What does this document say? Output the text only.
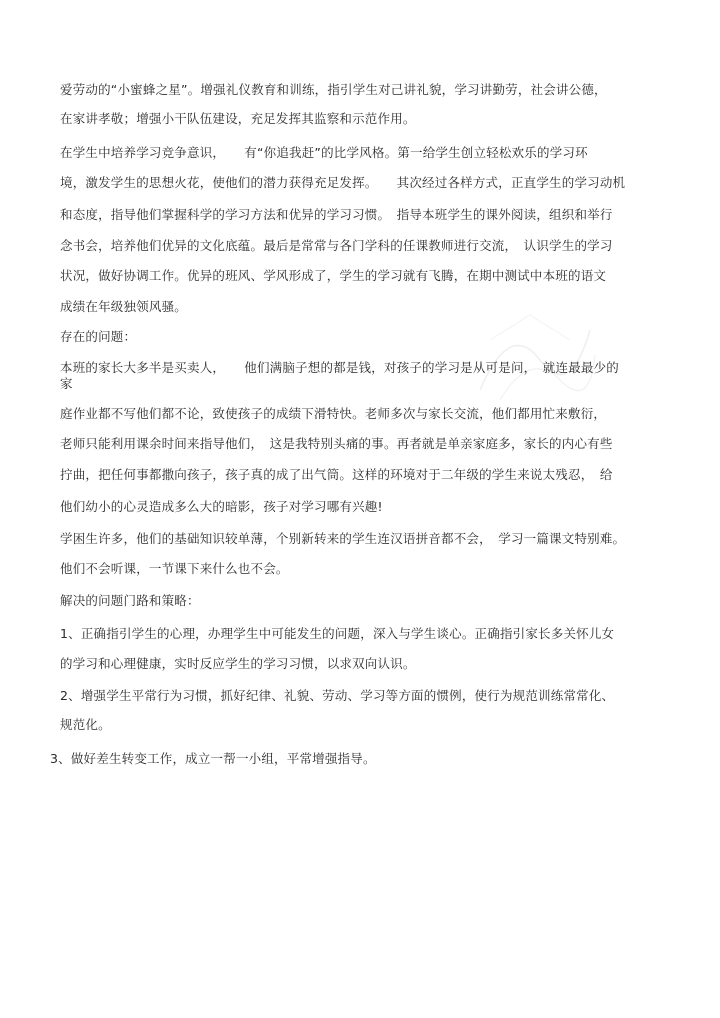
爱劳动的“小蜜蜂之星”。增强礼仪教育和训练，指引学生对己讲礼貌，学习讲勤劳，社会讲公德，
在家讲孝敬；增强小干队伍建设，充足发挥其监察和示范作用。
在学生中培养学习竞争意识，　　有“你追我赶”的比学风格。第一给学生创立轻松欢乐的学习环
境，激发学生的思想火花，使他们的潜力获得充足发挥。　　其次经过各样方式，正直学生的学习动机
和态度，指导他们掌握科学的学习方法和优异的学习习惯。　指导本班学生的课外阅读，组织和举行
念书会，培养他们优异的文化底蕴。最后是常常与各门学科的任课教师进行交流，　认识学生的学习
状况，做好协调工作。优异的班风、学风形成了，学生的学习就有飞腾，在期中测试中本班的语文
成绩在年级独领风骚。
存在的问题：
本班的家长大多半是买卖人，　　他们满脑子想的都是钱，对孩子的学习是从可是问，　就连最最少的
家
庭作业都不写他们都不论，致使孩子的成绩下滑特快。老师多次与家长交流，他们都用忙来敷衍，
老师只能利用课余时间来指导他们，　这是我特别头痛的事。再者就是单亲家庭多，家长的内心有些
拧曲，把任何事都撒向孩子，孩子真的成了出气筒。这样的环境对于二年级的学生来说太残忍，　给
他们幼小的心灵造成多么大的暗影，孩子对学习哪有兴趣!
学困生许多，他们的基础知识较单薄，个别新转来的学生连汉语拼音都不会，　学习一篇课文特别难。
他们不会听课，一节课下来什么也不会。
解决的问题门路和策略：
1、正确指引学生的心理，办理学生中可能发生的问题，深入与学生谈心。正确指引家长多关怀儿女
的学习和心理健康，实时反应学生的学习习惯，以求双向认识。
2、增强学生平常行为习惯，抓好纪律、礼貌、劳动、学习等方面的惯例，使行为规范训练常常化、
规范化。
3、做好差生转变工作，成立一帮一小组，平常增强指导。
